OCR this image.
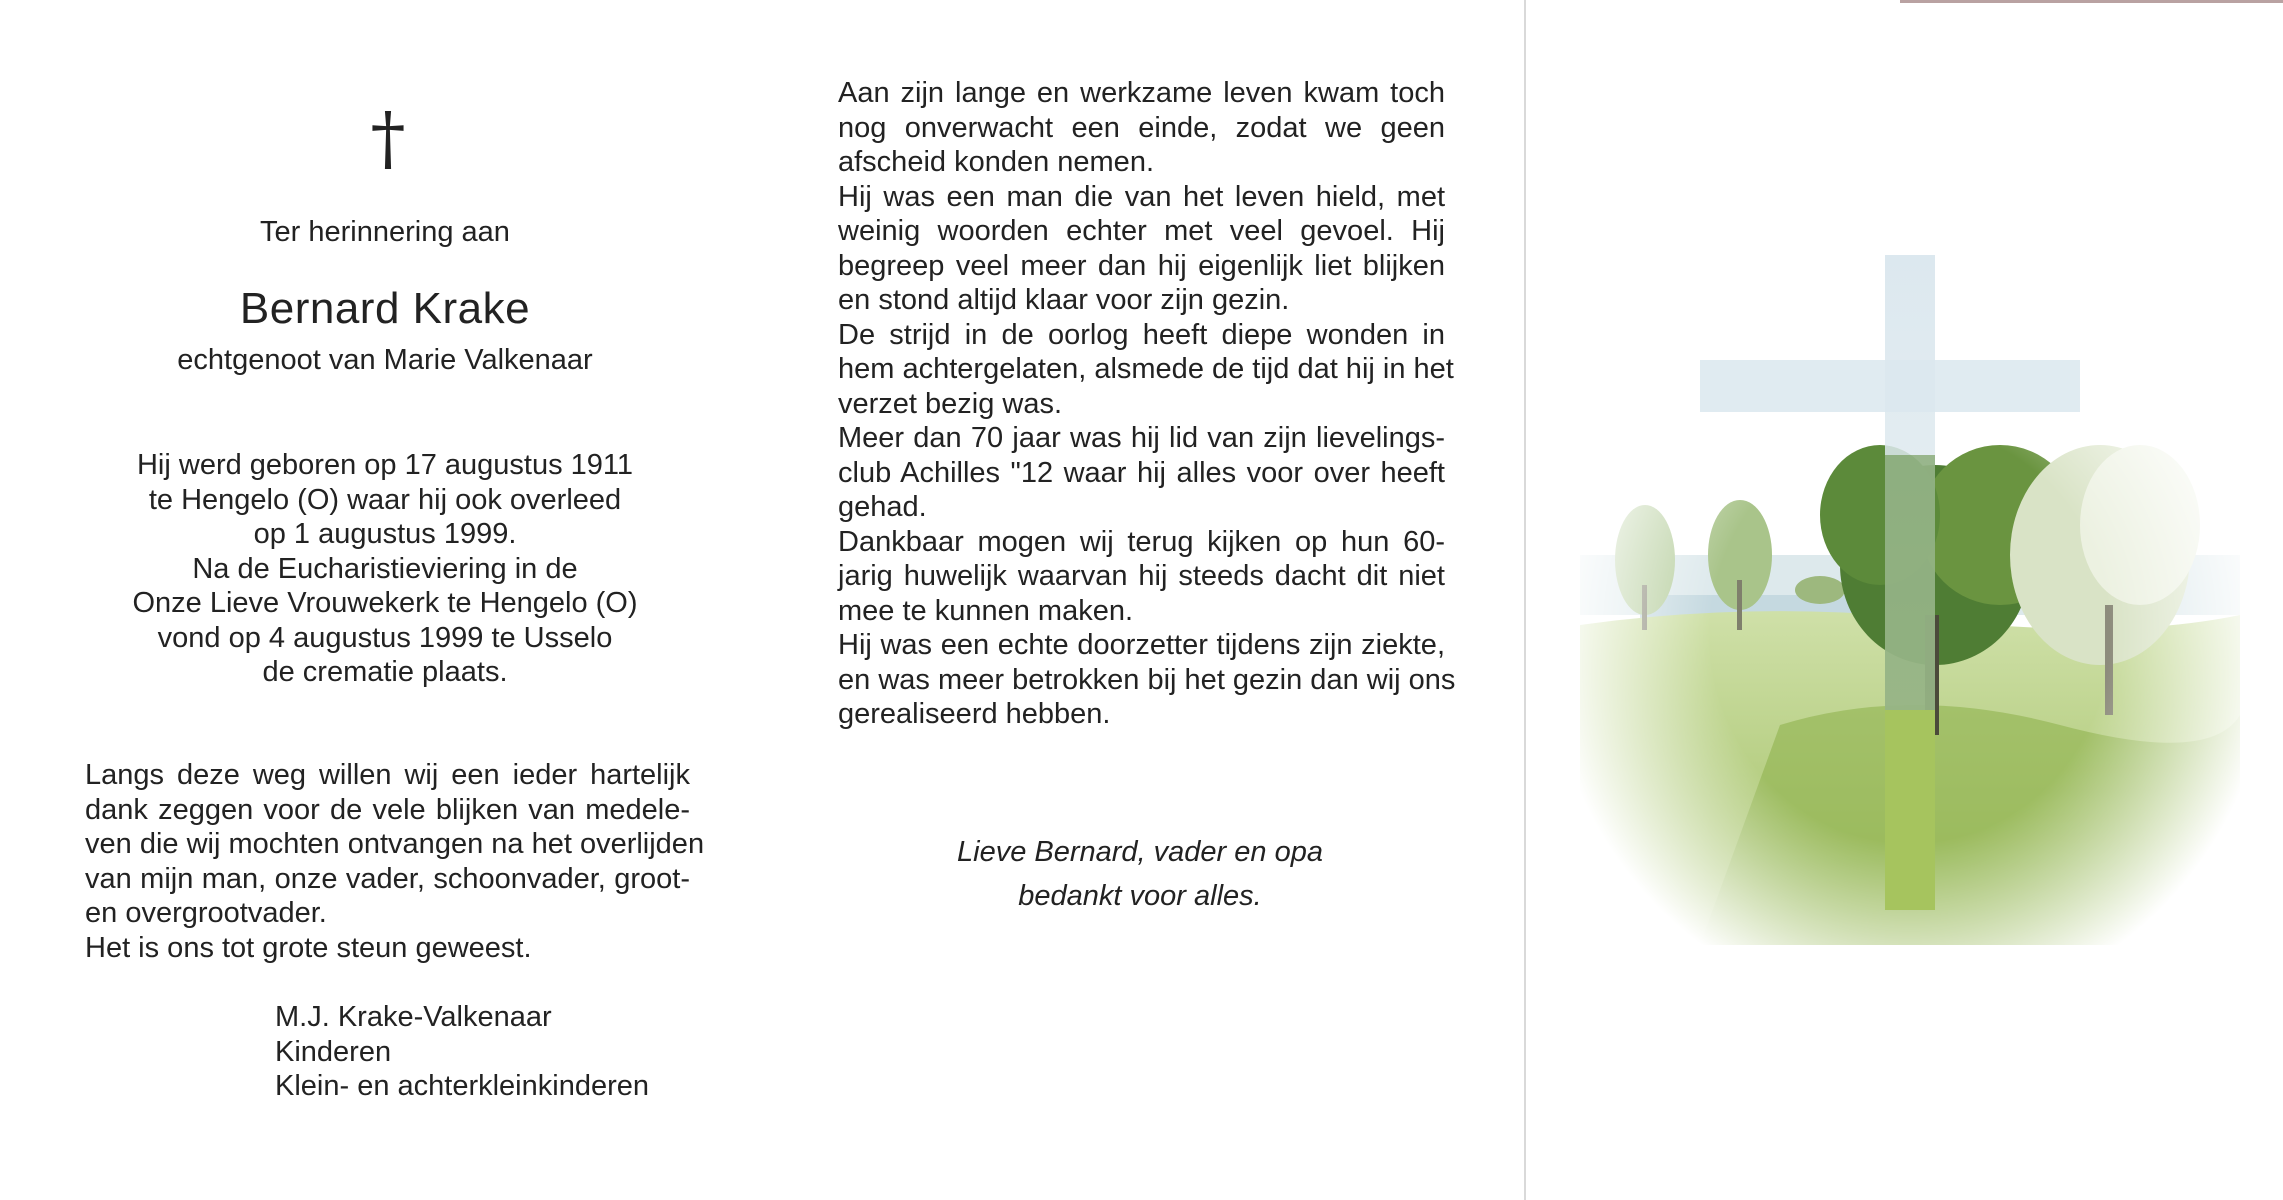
†
Ter herinnering aan
Bernard Krake
echtgenoot van Marie Valkenaar
Hij werd geboren op 17 augustus 1911
te Hengelo (O) waar hij ook overleed
op 1 augustus 1999.
Na de Eucharistieviering in de
Onze Lieve Vrouwekerk te Hengelo (O)
vond op 4 augustus 1999 te Usselo
de crematie plaats.
Langs deze weg willen wij een ieder hartelijk
dank zeggen voor de vele blijken van medele-
ven die wij mochten ontvangen na het overlijden
van mijn man, onze vader, schoonvader, groot-
en overgrootvader.
Het is ons tot grote steun geweest.
M.J. Krake-Valkenaar
Kinderen
Klein- en achterkleinkinderen
Aan zijn lange en werkzame leven kwam toch
nog onverwacht een einde, zodat we geen
afscheid konden nemen.
Hij was een man die van het leven hield, met
weinig woorden echter met veel gevoel. Hij
begreep veel meer dan hij eigenlijk liet blijken
en stond altijd klaar voor zijn gezin.
De strijd in de oorlog heeft diepe wonden in
hem achtergelaten, alsmede de tijd dat hij in het
verzet bezig was.
Meer dan 70 jaar was hij lid van zijn lievelings-
club Achilles "12 waar hij alles voor over heeft
gehad.
Dankbaar mogen wij terug kijken op hun 60-
jarig huwelijk waarvan hij steeds dacht dit niet
mee te kunnen maken.
Hij was een echte doorzetter tijdens zijn ziekte,
en was meer betrokken bij het gezin dan wij ons
gerealiseerd hebben.
Lieve Bernard, vader en opa
bedankt voor alles.
